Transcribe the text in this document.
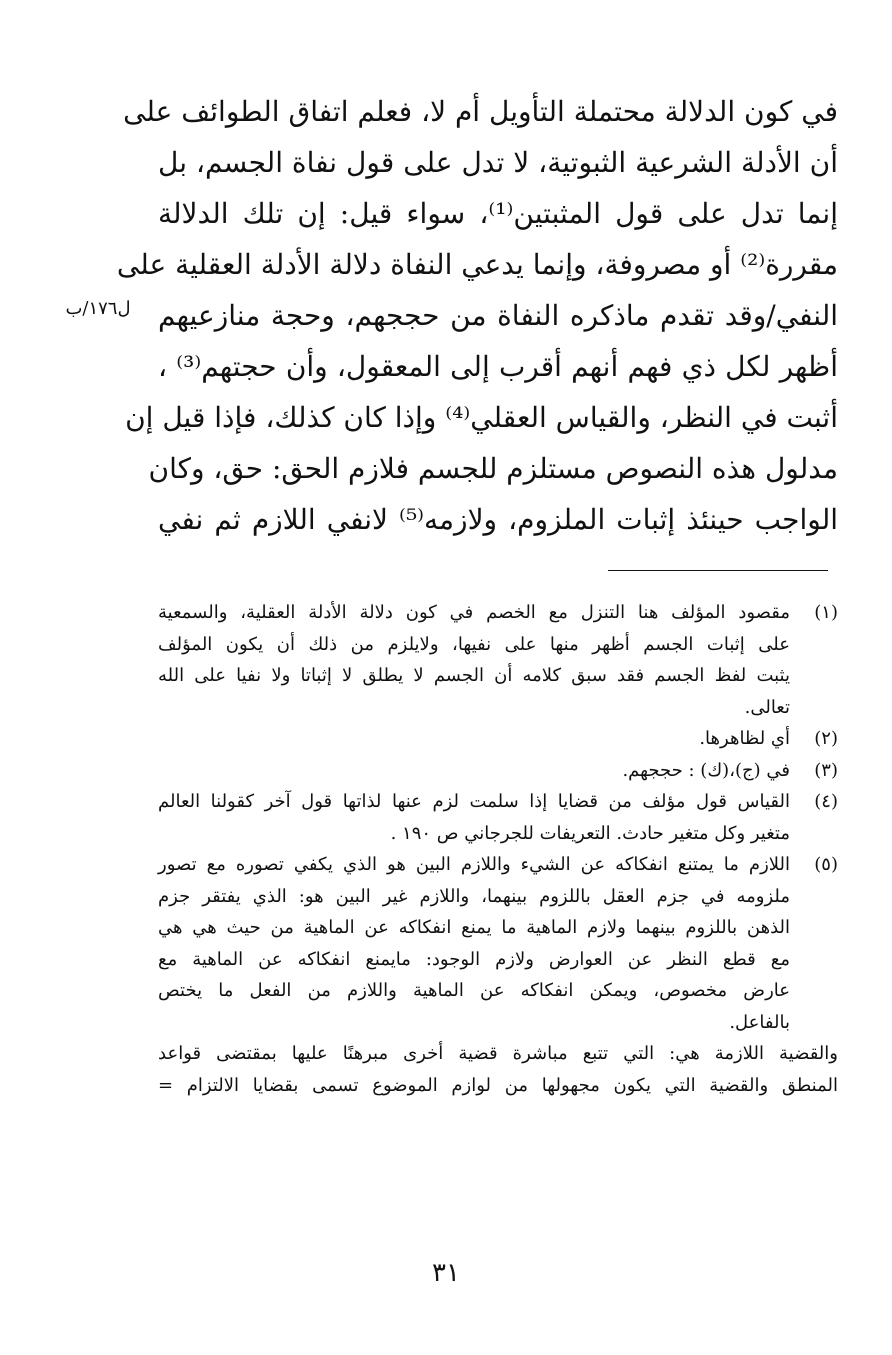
في كون الدلالة محتملة التأويل أم لا، فعلم اتفاق الطوائف على
أن الأدلة الشرعية الثبوتية، لا تدل على قول نفاة الجسم، بل
إنما تدل على قول المثبتين⁽¹⁾، سواء قيل: إن تلك الدلالة
مقررة⁽²⁾ أو مصروفة، وإنما يدعي النفاة دلالة الأدلة العقلية على
النفي/وقد تقدم ماذكره النفاة من حججهم، وحجة منازعيهم
أظهر لكل ذي فهم أنهم أقرب إلى المعقول، وأن حجتهم⁽³⁾ ،
أثبت في النظر، والقياس العقلي⁽⁴⁾ وإذا كان كذلك، فإذا قيل إن
مدلول هذه النصوص مستلزم للجسم فلازم الحق: حق، وكان
الواجب حينئذ إثبات الملزوم، ولازمه⁽⁵⁾ لانفي اللازم ثم نفي
ل١٧٦/ب
(١)
مقصود المؤلف هنا التنزل مع الخصم في كون دلالة الأدلة العقلية، والسمعية
على إثبات الجسم أظهر منها على نفيها، ولايلزم من ذلك أن يكون المؤلف
يثبت لفظ الجسم فقد سبق كلامه أن الجسم لا يطلق لا إثباتا ولا نفيا على الله
تعالى.
(٢)
أي لظاهرها.
(٣)
في (ج)،(ك) : حججهم.
(٤)
القياس قول مؤلف من قضايا إذا سلمت لزم عنها لذاتها قول آخر كقولنا العالم
متغير وكل متغير حادث. التعريفات للجرجاني ص ١٩٠ .
(٥)
اللازم ما يمتنع انفكاكه عن الشيء واللازم البين هو الذي يكفي تصوره مع تصور
ملزومه في جزم العقل باللزوم بينهما، واللازم غير البين هو: الذي يفتقر جزم
الذهن باللزوم بينهما ولازم الماهية ما يمنع انفكاكه عن الماهية من حيث هي هي
مع قطع النظر عن العوارض ولازم الوجود: مايمنع انفكاكه عن الماهية مع
عارض مخصوص، ويمكن انفكاكه عن الماهية واللازم من الفعل ما يختص
بالفاعل.
والقضية اللازمة هي: التي تتبع مباشرة قضية أخرى مبرهنًا عليها بمقتضى قواعد
المنطق والقضية التي يكون مجهولها من لوازم الموضوع تسمى بقضايا الالتزام =
٣١
